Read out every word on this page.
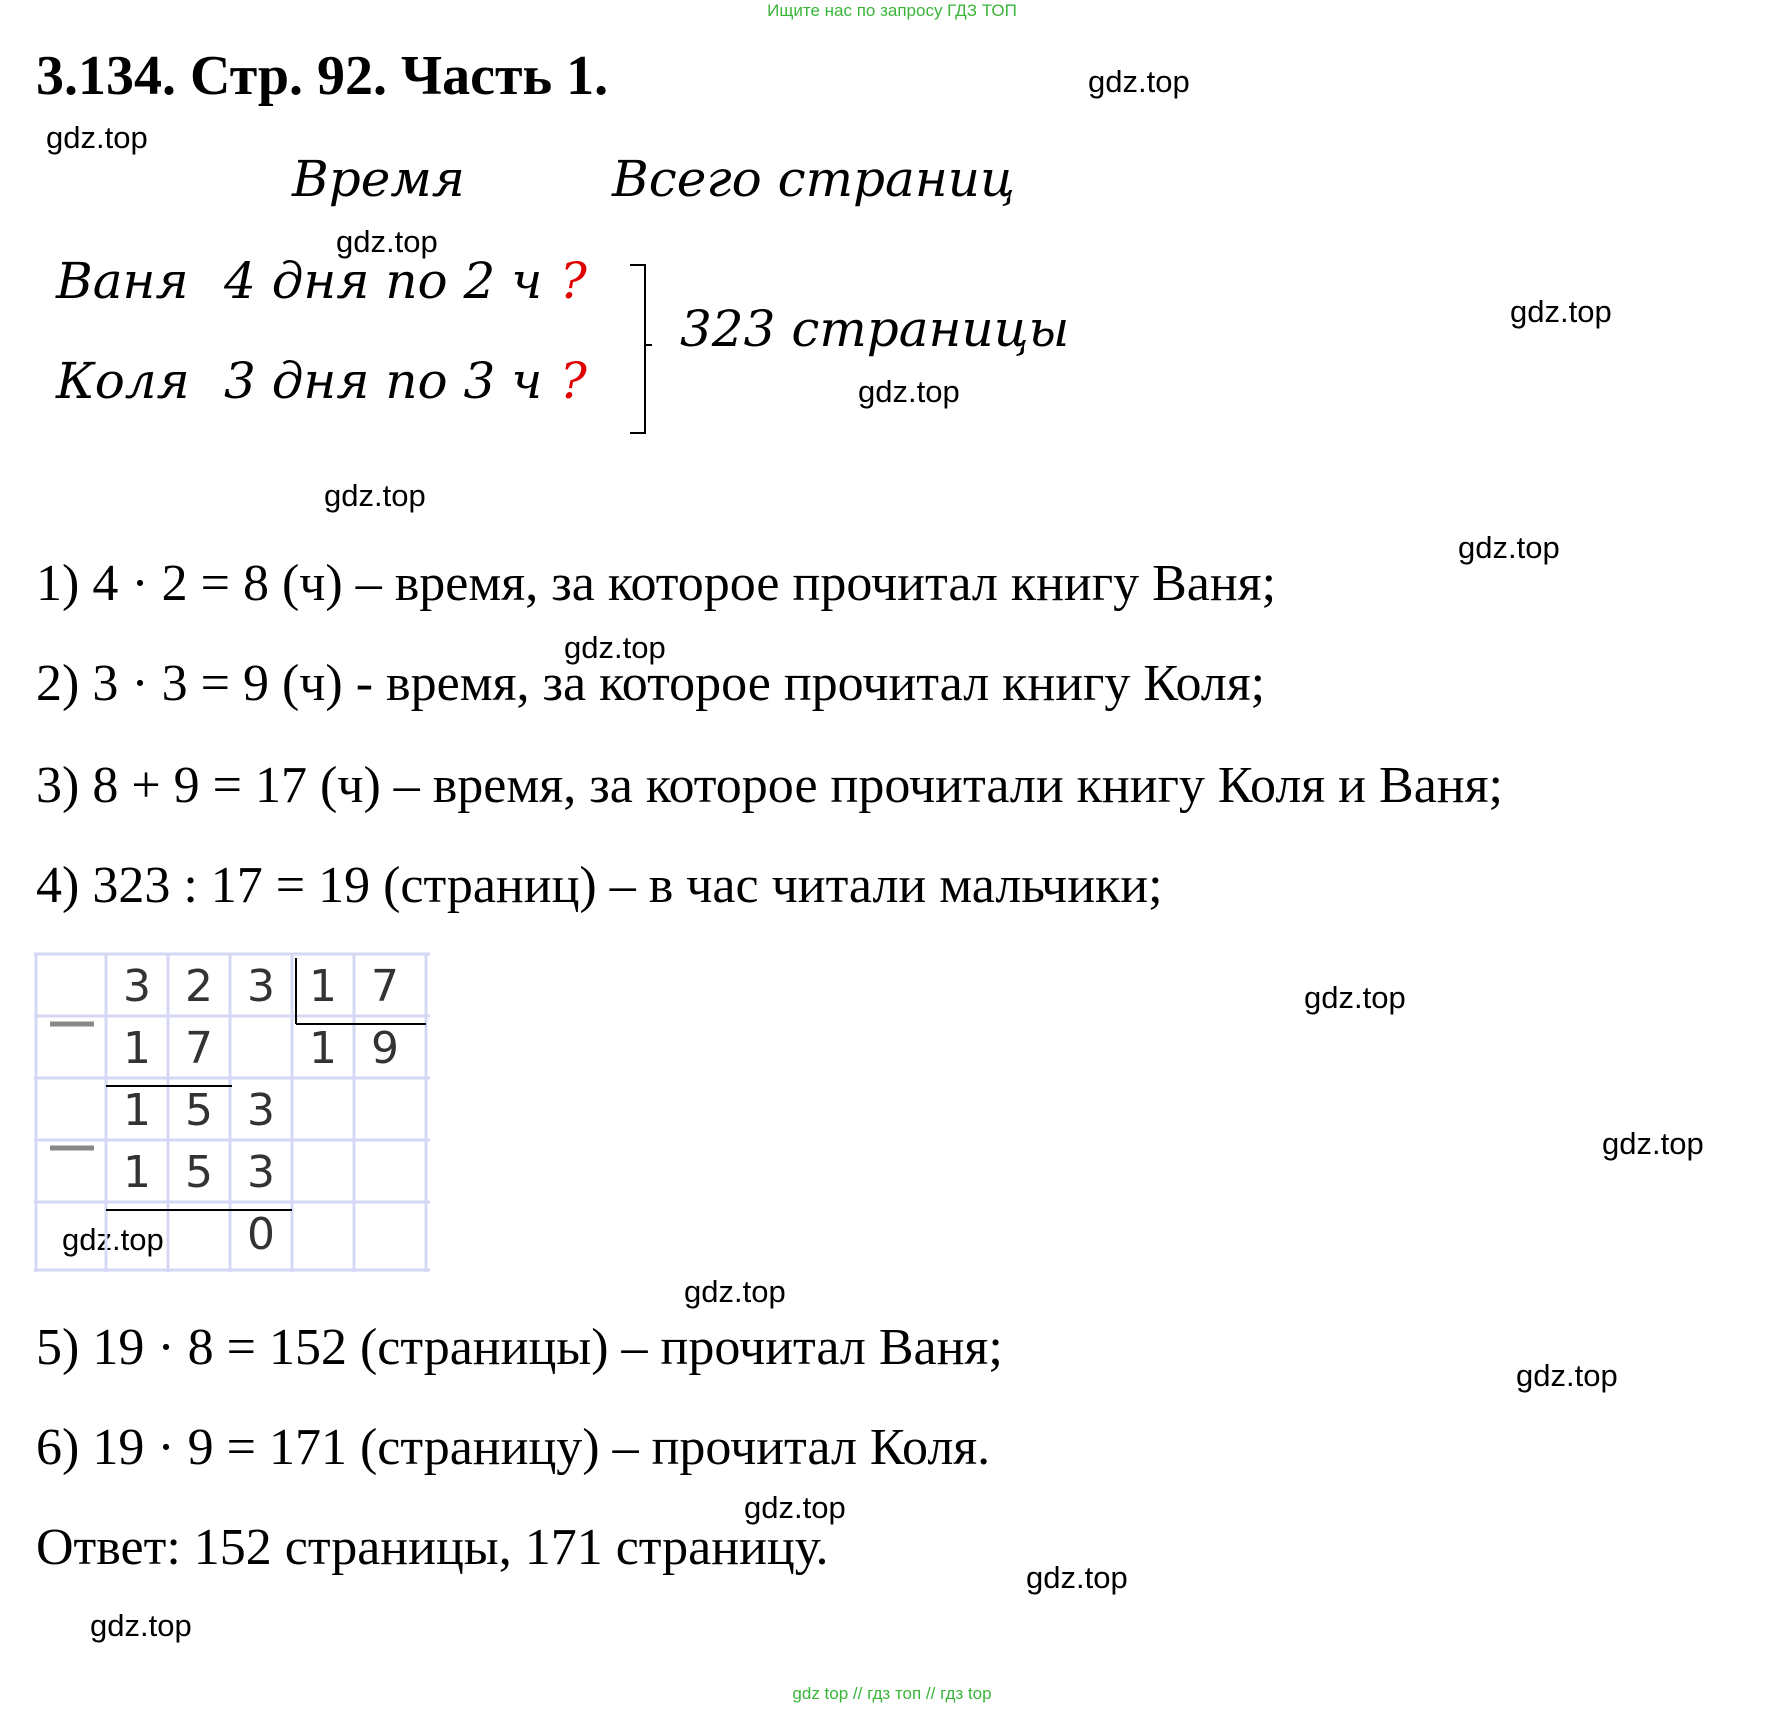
Ищите нас по запросу ГДЗ ТОП
3.134. Стр. 92. Часть 1.	gdz.top
gdz.top
gdz.top
gdz.top
gdz.top
gdz.top
gdz.top
gdz.top
gdz.top
gdz.top
gdz.top
gdz.top
gdz.top
gdz.top
gdz.top
gdz.top
Время	Всего страниц
Ваня 4 дня по 2 ч ?
Коля 3 дня по 3 ч ?
323 страницы
1) 4 · 2 = 8 (ч) – время, за которое прочитал книгу Ваня;
2) 3 · 3 = 9 (ч) - время, за которое прочитал книгу Коля;
3) 8 + 9 = 17 (ч) – время, за которое прочитали книгу Коля и Ваня;
4) 323 : 17 = 19 (страниц) – в час читали мальчики;
3 2 3 1 7
1 7	1 9
1 5 3
1 5 3
0
5) 19 · 8 = 152 (страницы) – прочитал Ваня;
6) 19 · 9 = 171 (страницу) – прочитал Коля.
Ответ: 152 страницы, 171 страницу.
gdz top // гдз топ // гдз top
